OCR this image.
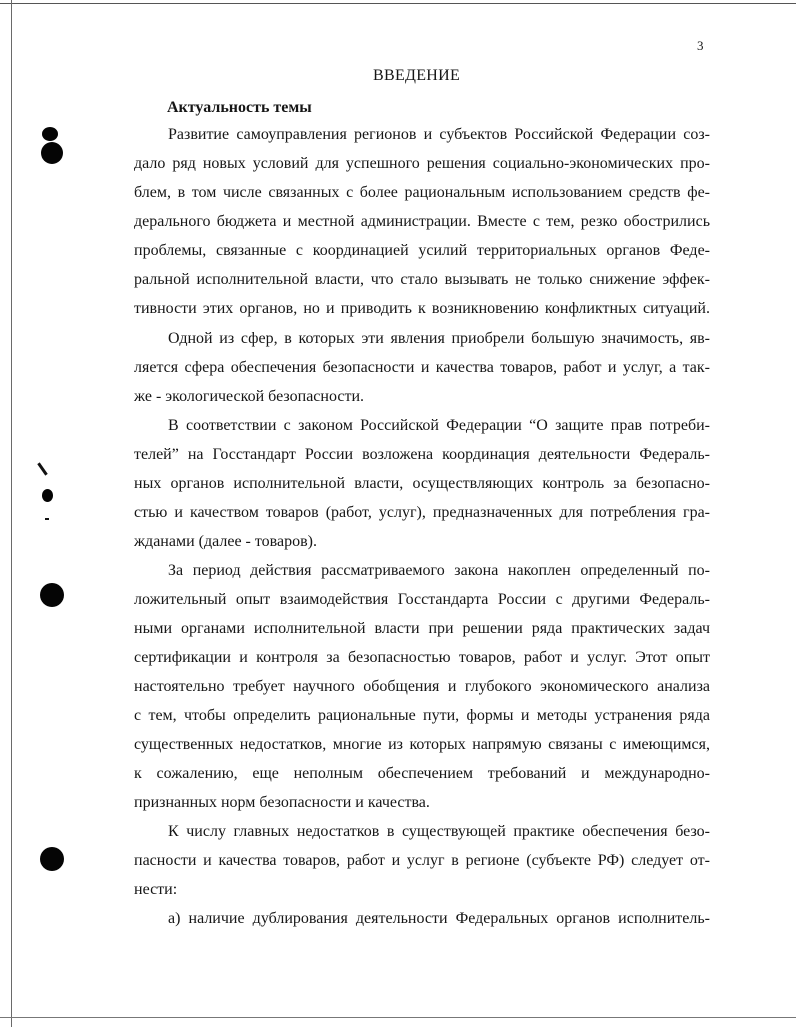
3
ВВЕДЕНИЕ
Актуальность темы
Развитие самоуправления регионов и субъектов Российской Федерации соз-
дало ряд новых условий для успешного решения социально-экономических про-
блем, в том числе связанных с более рациональным использованием средств фе-
дерального бюджета и местной администрации. Вместе с тем, резко обострились
проблемы, связанные с координацией усилий территориальных органов Феде-
ральной исполнительной власти, что стало вызывать не только снижение эффек-
тивности этих органов, но и приводить к возникновению конфликтных ситуаций.
Одной из сфер, в которых эти явления приобрели большую значимость, яв-
ляется сфера обеспечения безопасности и качества товаров, работ и услуг, а так-
же - экологической безопасности.
В соответствии с законом Российской Федерации “О защите прав потреби-
телей” на Госстандарт России возложена координация деятельности Федераль-
ных органов исполнительной власти, осуществляющих контроль за безопасно-
стью и качеством товаров (работ, услуг), предназначенных для потребления гра-
жданами (далее - товаров).
За период действия рассматриваемого закона накоплен определенный по-
ложительный опыт взаимодействия Госстандарта России с другими Федераль-
ными органами исполнительной власти при решении ряда практических задач
сертификации и контроля за безопасностью товаров, работ и услуг. Этот опыт
настоятельно требует научного обобщения и глубокого экономического анализа
с тем, чтобы определить рациональные пути, формы и методы устранения ряда
существенных недостатков, многие из которых напрямую связаны с имеющимся,
к сожалению, еще неполным обеспечением требований и международно-
признанных норм безопасности и качества.
К числу главных недостатков в существующей практике обеспечения безо-
пасности и качества товаров, работ и услуг в регионе (субъекте РФ) следует от-
нести:
а) наличие дублирования деятельности Федеральных органов исполнитель-
